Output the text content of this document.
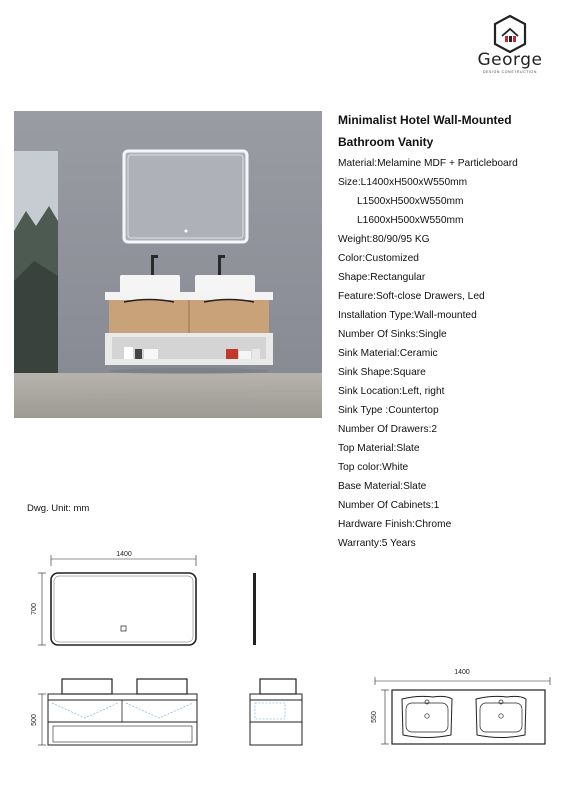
George
DESIGN CONSTRUCTION
Minimalist Hotel Wall-Mounted
Bathroom Vanity
Material:Melamine MDF + Particleboard
Size:L1400xH500xW550mm
L1500xH500xW550mm
L1600xH500xW550mm
Weight:80/90/95 KG
Color:Customized
Shape:Rectangular
Feature:Soft-close Drawers, Led
Installation Type:Wall-mounted
Number Of Sinks:Single
Sink Material:Ceramic
Sink Shape:Square
Sink Location:Left, right
Sink Type :Countertop
Number Of Drawers:2
Top Material:Slate
Top color:White
Base Material:Slate
Number Of Cabinets:1
Hardware Finish:Chrome
Warranty:5 Years
Dwg. Unit: mm
1400
700
500
1400
550
